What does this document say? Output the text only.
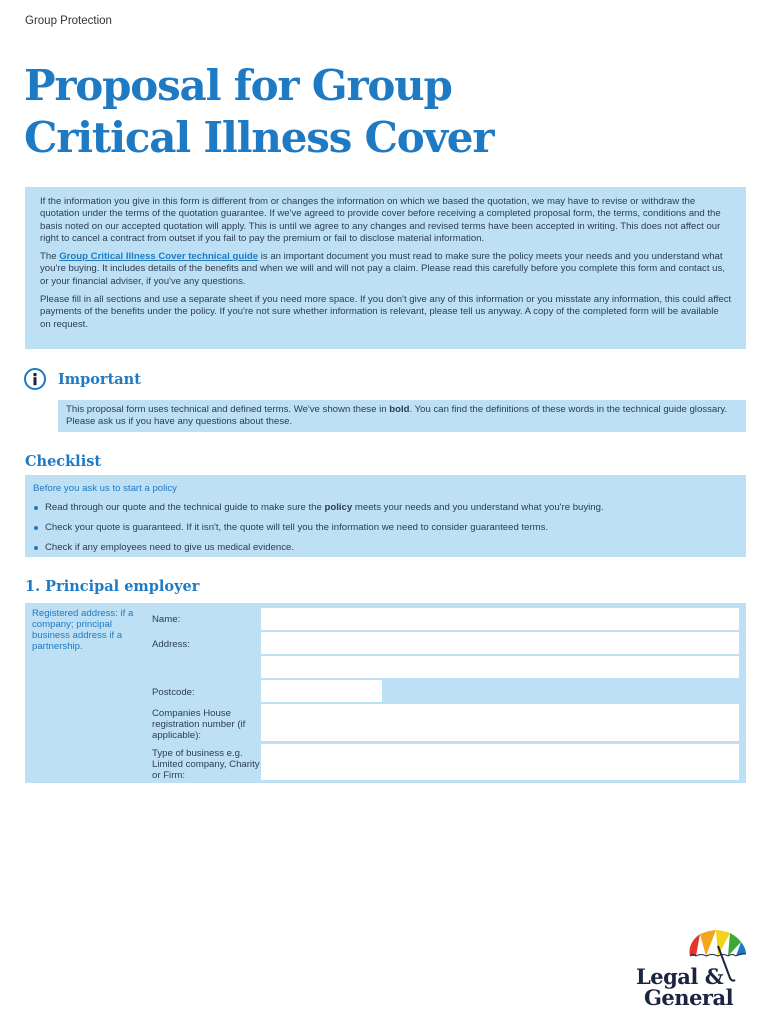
Group Protection
Proposal for Group
Critical Illness Cover

If the information you give in this form is different from or changes the information on which we based the quotation, we may have to revise or withdraw the quotation under the terms of the quotation guarantee. If we've agreed to provide cover before receiving a completed proposal form, the terms, conditions and the basis noted on our accepted quotation will apply. This is until we agree to any changes and revised terms have been accepted in writing. This does not affect our right to cancel a contract from outset if you fail to pay the premium or fail to disclose material information.

The Group Critical Illness Cover technical guide is an important document you must read to make sure the policy meets your needs and you understand what you're buying. It includes details of the benefits and when we will and will not pay a claim. Please read this carefully before you complete this form and contact us, or your financial adviser, if you've any questions.

Please fill in all sections and use a separate sheet if you need more space. If you don't give any of this information or you misstate any information, this could affect payments of the benefits under the policy. If you're not sure whether information is relevant, please tell us anyway. A copy of the completed form will be available on request.

Important
This proposal form uses technical and defined terms. We've shown these in bold. You can find the definitions of these words in the technical guide glossary. Please ask us if you have any questions about these.
Checklist
Before you ask us to start a policy
Read through our quote and the technical guide to make sure the policy meets your needs and you understand what you're buying.
Check your quote is guaranteed. If it isn't, the quote will tell you the information we need to consider guaranteed terms.
Check if any employees need to give us medical evidence.
1. Principal employer
Registered address: if a company; principal business address if a partnership.
Name:
Address:
Postcode:
Companies House registration number (if applicable):
Type of business e.g. Limited company, Charity or Firm:
Legal &
General
